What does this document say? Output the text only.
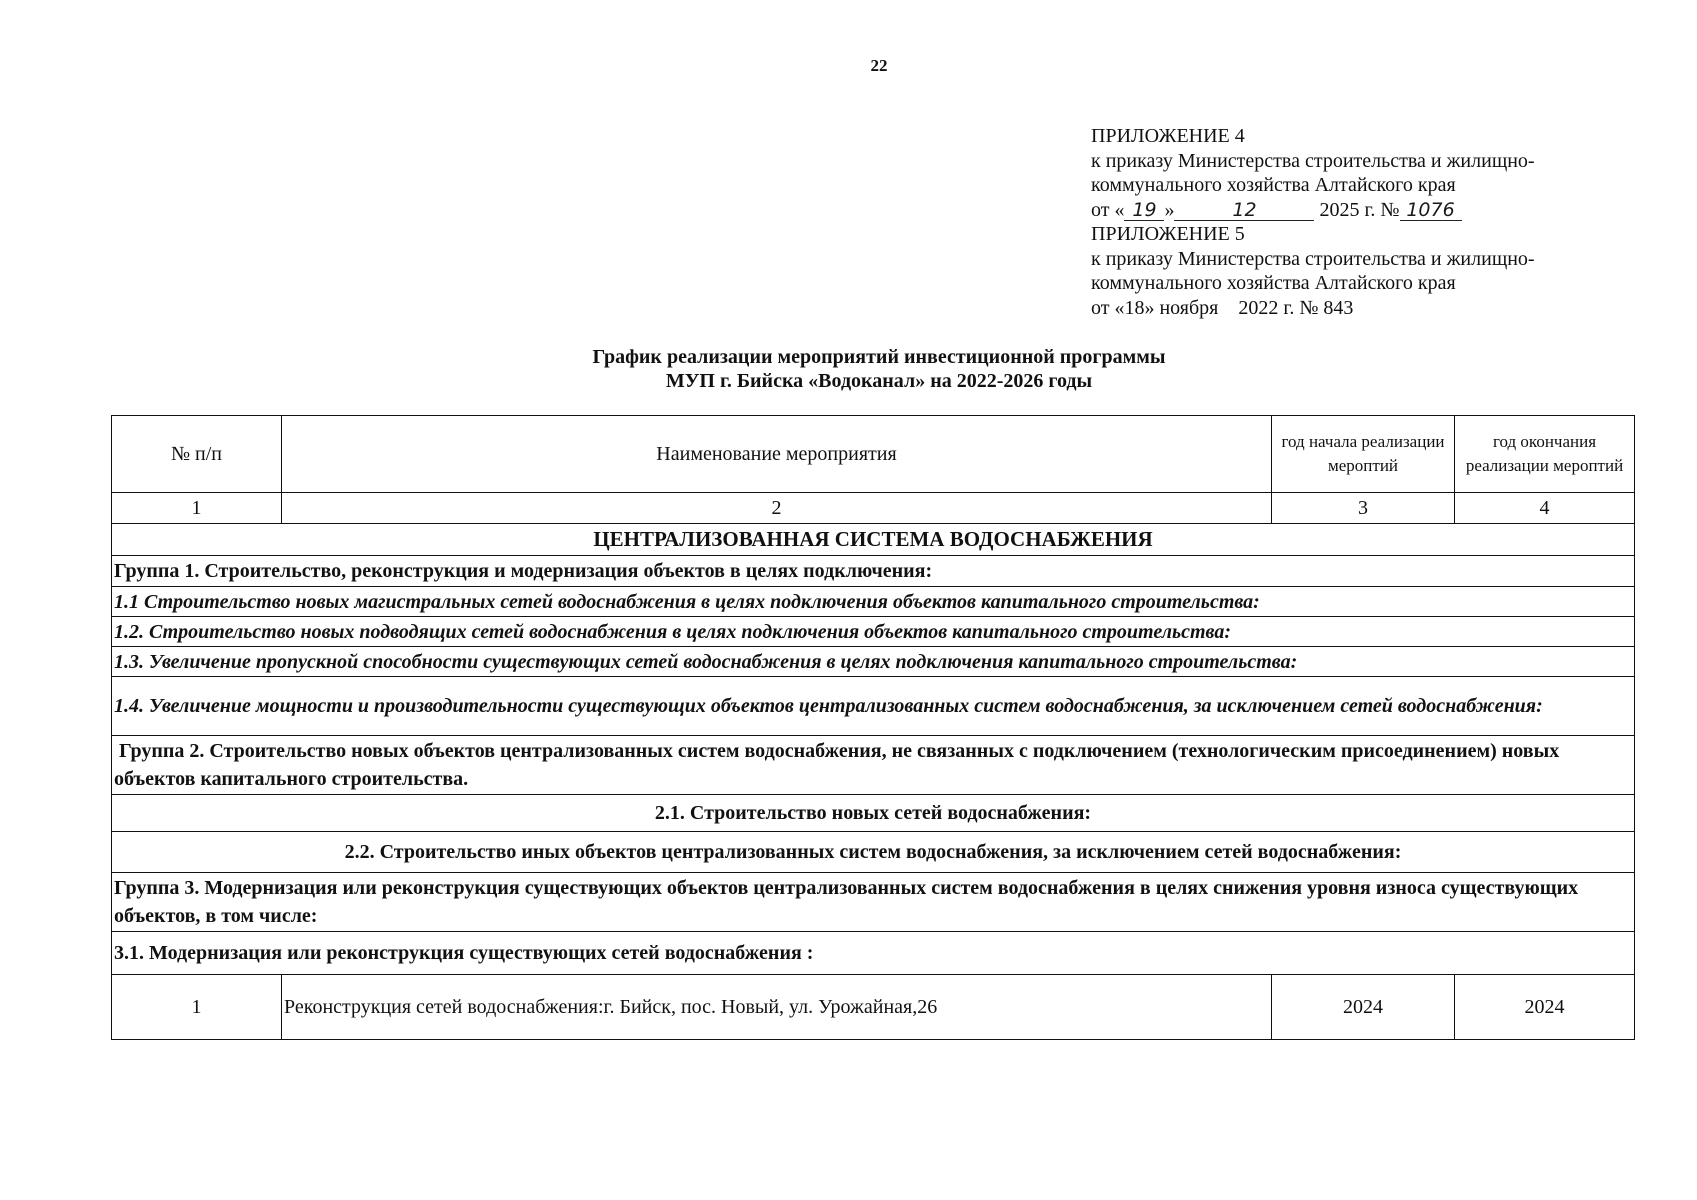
22
ПРИЛОЖЕНИЕ 4
к приказу Министерства строительства и жилищно-
коммунального хозяйства Алтайского края
от « 19 »	12	2025 г. № 1076
ПРИЛОЖЕНИЕ 5
к приказу Министерства строительства и жилищно-
коммунального хозяйства Алтайского края
от «18» ноября    2022 г. № 843
График реализации мероприятий инвестиционной программы
МУП г. Бийска «Водоканал» на 2022-2026 годы
№ п/п	Наименование мероприятия	год начала реализации мероптий	год окончания реализации мероптий
1	2	3	4
ЦЕНТРАЛИЗОВАННАЯ СИСТЕМА ВОДОСНАБЖЕНИЯ			
Группа 1. Строительство, реконструкция и модернизация объектов в целях подключения:			
1.1 Строительство новых магистральных сетей водоснабжения в целях подключения объектов капитального строительства:			
1.2. Строительство новых подводящих сетей водоснабжения в целях подключения объектов капитального строительства:			
1.3. Увеличение пропускной способности существующих сетей водоснабжения в целях подключения капитального строительства:			
1.4. Увеличение мощности и производительности существующих объектов централизованных систем водоснабжения, за исключением сетей водоснабжения:			
Группа 2. Строительство новых объектов централизованных систем водоснабжения, не связанных с подключением (технологическим присоединением) новых объектов капитального строительства.			
2.1. Строительство новых сетей водоснабжения:			
2.2. Строительство иных объектов централизованных систем водоснабжения, за исключением сетей водоснабжения:			
Группа 3. Модернизация или реконструкция существующих объектов централизованных систем водоснабжения в целях снижения уровня износа существующих объектов, в том числе:			
3.1. Модернизация или реконструкция существующих сетей водоснабжения :			
1	Реконструкция сетей водоснабжения:г. Бийск, пос. Новый, ул. Урожайная,26	2024	2024
